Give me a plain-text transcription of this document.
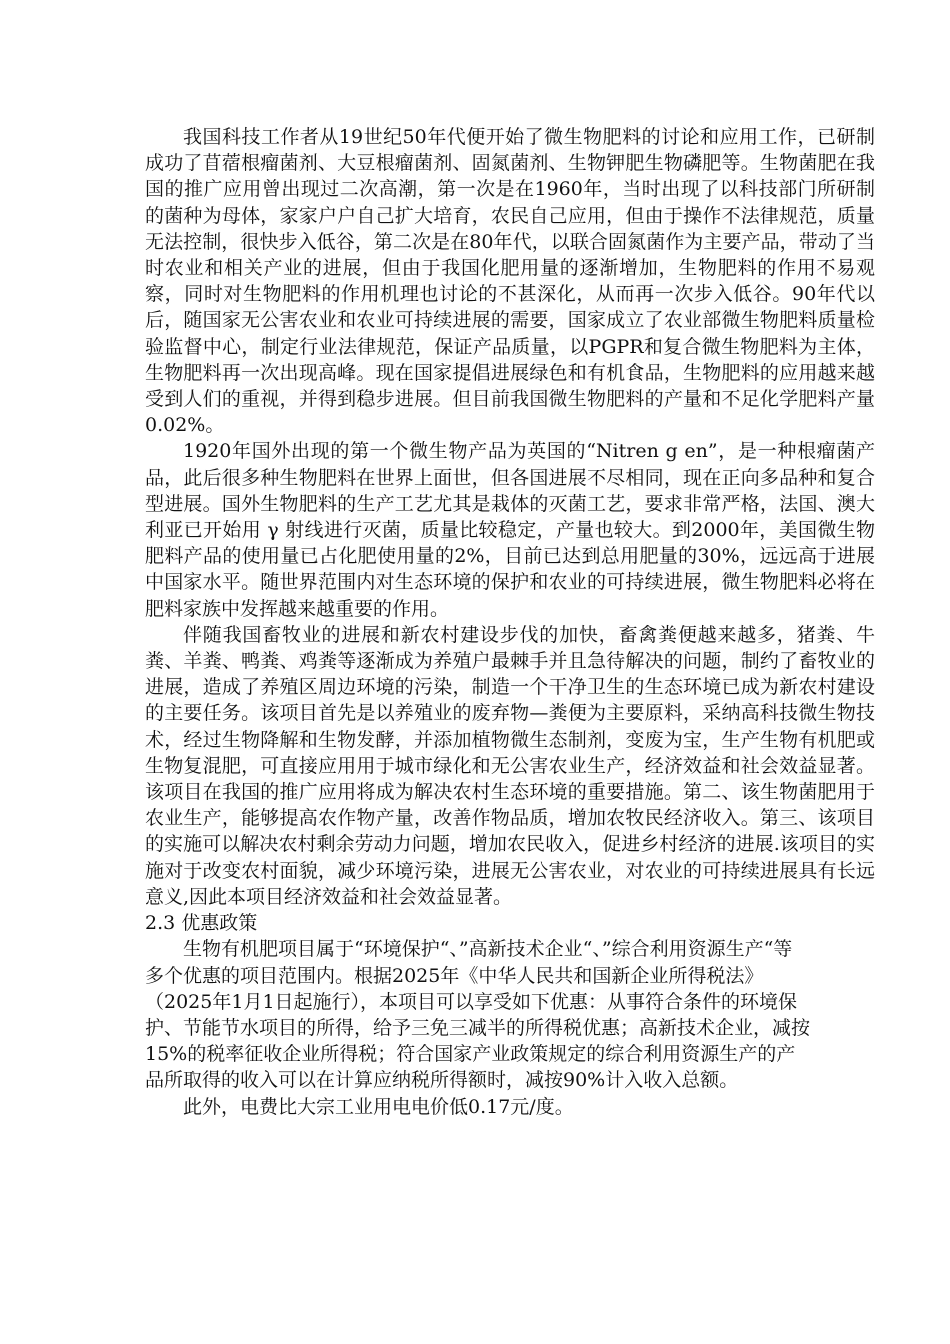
我国科技工作者从19世纪50年代便开始了微生物肥料的讨论和应用工作，已研制成功了苜蓿根瘤菌剂、大豆根瘤菌剂、固氮菌剂、生物钾肥生物磷肥等。生物菌肥在我国的推广应用曾出现过二次高潮，第一次是在1960年，当时出现了以科技部门所研制的菌种为母体，家家户户自己扩大培育，农民自己应用，但由于操作不法律规范，质量无法控制，很快步入低谷，第二次是在80年代，以联合固氮菌作为主要产品，带动了当时农业和相关产业的进展，但由于我国化肥用量的逐渐增加，生物肥料的作用不易观察，同时对生物肥料的作用机理也讨论的不甚深化，从而再一次步入低谷。90年代以后，随国家无公害农业和农业可持续进展的需要，国家成立了农业部微生物肥料质量检验监督中心，制定行业法律规范，保证产品质量，以PGPR和复合微生物肥料为主体，生物肥料再一次出现高峰。现在国家提倡进展绿色和有机食品，生物肥料的应用越来越受到人们的重视，并得到稳步进展。但目前我国微生物肥料的产量和不足化学肥料产量0.02%。

1920年国外出现的第一个微生物产品为英国的“Nitren g en”，是一种根瘤菌产品，此后很多种生物肥料在世界上面世，但各国进展不尽相同，现在正向多品种和复合型进展。国外生物肥料的生产工艺尤其是栽体的灭菌工艺，要求非常严格，法国、澳大利亚已开始用 γ 射线进行灭菌，质量比较稳定，产量也较大。到2000年，美国微生物肥料产品的使用量已占化肥使用量的2%，目前已达到总用肥量的30%，远远高于进展中国家水平。随世界范围内对生态环境的保护和农业的可持续进展，微生物肥料必将在肥料家族中发挥越来越重要的作用。

伴随我国畜牧业的进展和新农村建设步伐的加快，畜禽粪便越来越多，猪粪、牛粪、羊粪、鸭粪、鸡粪等逐渐成为养殖户最棘手并且急待解决的问题，制约了畜牧业的进展，造成了养殖区周边环境的污染，制造一个干净卫生的生态环境已成为新农村建设的主要任务。该项目首先是以养殖业的废弃物—粪便为主要原料，采纳高科技微生物技术，经过生物降解和生物发酵，并添加植物微生态制剂，变废为宝，生产生物有机肥或生物复混肥，可直接应用用于城市绿化和无公害农业生产，经济效益和社会效益显著。该项目在我国的推广应用将成为解决农村生态环境的重要措施。第二、该生物菌肥用于农业生产，能够提高农作物产量，改善作物品质，增加农牧民经济收入。第三、该项目的实施可以解决农村剩余劳动力问题，增加农民收入，促进乡村经济的进展.该项目的实施对于改变农村面貌，减少环境污染，进展无公害农业，对农业的可持续进展具有长远意义,因此本项目经济效益和社会效益显著。

2.3 优惠政策

生物有机肥项目属于“环境保护“、”高新技术企业“、”综合利用资源生产“等多个优惠的项目范围内。根据2025年《中华人民共和国新企业所得税法》（2025年1月1日起施行），本项目可以享受如下优惠：从事符合条件的环境保护、节能节水项目的所得，给予三免三减半的所得税优惠；高新技术企业，减按15%的税率征收企业所得税；符合国家产业政策规定的综合利用资源生产的产品所取得的收入可以在计算应纳税所得额时，减按90%计入收入总额。

此外，电费比大宗工业用电电价低0.17元/度。
